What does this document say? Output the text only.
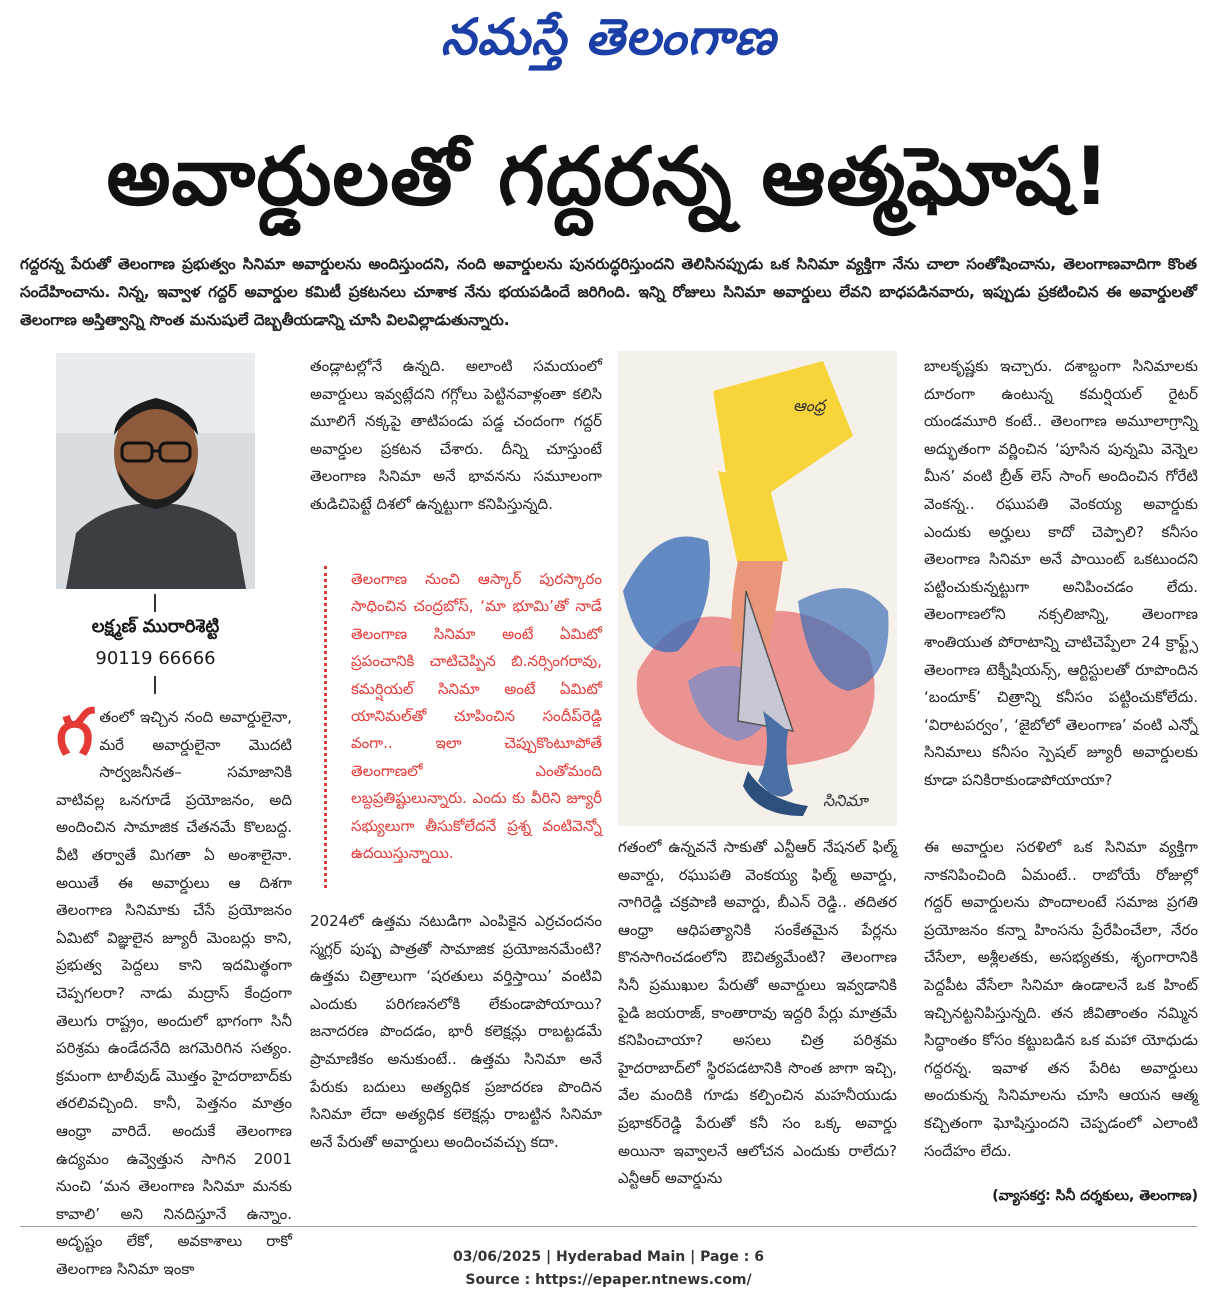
నమస్తే తెలంగాణ
అవార్డులతో గద్దరన్న ఆత్మఘోష!
గద్దరన్న పేరుతో తెలంగాణ ప్రభుత్వం సినిమా అవార్డులను అందిస్తుందని, నంది అవార్డులను పునరుద్ధరిస్తుందని తెలిసినప్పుడు ఒక సినిమా వ్యక్తిగా నేను చాలా సంతోషించాను, తెలంగాణవాదిగా కొంత సందేహించాను. నిన్న, ఇవ్వాళ గద్దర్ అవార్డుల కమిటీ ప్రకటనలు చూశాక నేను భయపడిందే జరిగింది. ఇన్ని రోజులు సినిమా అవార్డులు లేవని బాధపడినవారు, ఇప్పుడు ప్రకటించిన ఈ అవార్డులతో తెలంగాణ అస్తిత్వాన్ని సొంత మనుషులే దెబ్బతీయడాన్ని చూసి విలవిల్లాడుతున్నారు.
లక్ష్మణ్ మురారిశెట్టి
90119 66666
గ తంలో ఇచ్చిన నంది అవార్డులైనా, మరే అవార్డులైనా మొదటి సార్వజనీనత– సమాజానికి వాటివల్ల ఒనగూడే ప్రయోజనం, అది అందించిన సామాజిక చేతనమే కొలబద్ద. వీటి తర్వాతే మిగతా ఏ అంశాలైనా. అయితే ఈ అవార్డులు ఆ దిశగా తెలంగాణ సినిమాకు చేసే ప్రయోజనం ఏమిటో విజ్ఞులైన జ్యూరీ మెంబర్లు కాని, ప్రభుత్వ పెద్దలు కాని ఇదమిత్థంగా చెప్పగలరా? నాడు మద్రాస్ కేంద్రంగా తెలుగు రాష్ట్రం, అందులో భాగంగా సినీ పరిశ్రమ ఉండేదనేది జగమెరిగిన సత్యం. క్రమంగా టాలీవుడ్ మొత్తం హైదరాబాద్‌కు తరలివచ్చింది. కానీ, పెత్తనం మాత్రం ఆంధ్రా వారిదే. అందుకే తెలంగాణ ఉద్యమం ఉవ్వెత్తున సాగిన 2001 నుంచి ‘మన తెలంగాణ సినిమా మనకు కావాలి’ అని నినదిస్తూనే ఉన్నాం. అదృష్టం లేకో, అవకాశాలు రాకో తెలంగాణ సినిమా ఇంకా
తండ్లాటల్లోనే ఉన్నది. అలాంటి సమయంలో అవార్డులు ఇవ్వట్లేదని గగ్గోలు పెట్టినవాళ్లంతా కలిసి మూలిగే నక్కపై తాటిపండు పడ్డ చందంగా గద్దర్ అవార్డుల ప్రకటన చేశారు. దీన్ని చూస్తుంటే తెలంగాణ సినిమా అనే భావనను సమూలంగా తుడిచిపెట్టే దిశలో ఉన్నట్టుగా కనిపిస్తున్నది.
తెలంగాణ నుంచి ఆస్కార్ పురస్కారం సాధించిన చంద్రబోస్, ‘మా భూమి’తో నాడే తెలంగాణ సినిమా అంటే ఏమిటో ప్రపంచానికి చాటిచెప్పిన బి.నర్సింగరావు, కమర్షియల్ సినిమా అంటే ఏమిటో యానిమల్‌తో చూపించిన సందీప్‌రెడ్డి వంగా.. ఇలా చెప్పుకొంటూపోతే తెలంగాణలో ఎంతోమంది లబ్దప్రతిష్టులున్నారు. ఎందు కు వీరిని జ్యూరీ సభ్యులుగా తీసుకోలేదనే ప్రశ్న వంటివెన్నో ఉదయిస్తున్నాయి.
2024లో ఉత్తమ నటుడిగా ఎంపికైన ఎర్రచందనం స్మగ్లర్ పుష్ప పాత్రతో సామాజిక ప్రయోజనమేంటి? ఉత్తమ చిత్రాలుగా ‘షరతులు వర్తిస్తాయి’ వంటివి ఎందుకు పరిగణనలోకి లేకుండాపోయాయి? జనాదరణ పొందడం, భారీ కలెక్షన్లు రాబట్టడమే ప్రామాణికం అనుకుంటే.. ఉత్తమ సినిమా అనే పేరుకు బదులు అత్యధిక ప్రజాదరణ పొందిన సినిమా లేదా అత్యధిక కలెక్షన్లు రాబట్టిన సినిమా అనే పేరుతో అవార్డులు అందించవచ్చు కదా.
ఆంధ్ర
సినిమా
గతంలో ఉన్నవనే సాకుతో ఎన్టీఆర్ నేషనల్ ఫిల్మ్ అవార్డు, రఘుపతి వెంకయ్య ఫిల్మ్ అవార్డు, నాగిరెడ్డి చక్రపాణి అవార్డు, బీఎన్ రెడ్డి.. తదితర ఆంధ్రా ఆధిపత్యానికి సంకేతమైన పేర్లను కొనసాగించడంలోని ఔచిత్యమేంటి? తెలంగాణ సినీ ప్రముఖుల పేరుతో అవార్డులు ఇవ్వడానికి పైడి జయరాజ్, కాంతారావు ఇద్దరి పేర్లు మాత్రమే కనిపించాయా? అసలు చిత్ర పరిశ్రమ హైదరాబాద్‌లో స్థిరపడటానికి సొంత జాగా ఇచ్చి, వేల మందికి గూడు కల్పించిన మహనీయుడు ప్రభాకర్‌రెడ్డి పేరుతో కనీ సం ఒక్క అవార్డు అయినా ఇవ్వాలనే ఆలోచన ఎందుకు రాలేదు? ఎన్టీఆర్ అవార్డును
బాలకృష్ణకు ఇచ్చారు. దశాబ్దంగా సినిమాలకు దూరంగా ఉంటున్న కమర్షియల్ రైటర్ యండమూరి కంటే.. తెలంగాణ అమూలాగ్రాన్ని అద్భుతంగా వర్ణించిన ‘పూసిన పున్నమి వెన్నెల మీన’ వంటి బ్రీత్ లెస్ సాంగ్ అందించిన గోరేటి వెంకన్న.. రఘుపతి వెంకయ్య అవార్డుకు ఎందుకు అర్హులు కాదో చెప్పాలి? కనీసం తెలంగాణ సినిమా అనే పాయింట్ ఒకటుందని పట్టించుకున్నట్టుగా అనిపించడం లేదు. తెలంగాణలోని నక్సలిజాన్ని, తెలంగాణ శాంతియుత పోరాటాన్ని చాటిచెప్పేలా 24 క్రాఫ్ట్స్ తెలంగాణ టెక్నీషియన్స్, ఆర్టిస్టులతో రూపొందిన ‘బందూక్’ చిత్రాన్ని కనీసం పట్టించుకోలేదు. ‘విరాటపర్వం’, ‘జైబోలో తెలంగాణ’ వంటి ఎన్నో సినిమాలు కనీసం స్పెషల్ జ్యూరీ అవార్డులకు కూడా పనికిరాకుండాపోయాయా?
ఈ అవార్డుల సరళిలో ఒక సినిమా వ్యక్తిగా నాకనిపించింది ఏమంటే.. రాబోయే రోజుల్లో గద్దర్ అవార్డులను పొందాలంటే సమాజ ప్రగతి ప్రయోజనం కన్నా హింసను ప్రేరేపించేలా, నేరం చేసేలా, అశ్లీలతకు, అసభ్యతకు, శృంగారానికి పెద్దపీట వేసేలా సినిమా ఉండాలనే ఒక హింట్ ఇచ్చినట్టనిపిస్తున్నది. తన జీవితాంతం నమ్మిన సిద్ధాంతం కోసం కట్టుబడిన ఒక మహా యోధుడు గద్దరన్న. ఇవాళ తన పేరిట అవార్డులు అందుకున్న సినిమాలను చూసి ఆయన ఆత్మ కచ్చితంగా ఘోషిస్తుందని చెప్పడంలో ఎలాంటి సందేహం లేదు.
(వ్యాసకర్త: సినీ దర్శకులు, తెలంగాణ)
03/06/2025 | Hyderabad Main | Page : 6
Source : https://epaper.ntnews.com/
